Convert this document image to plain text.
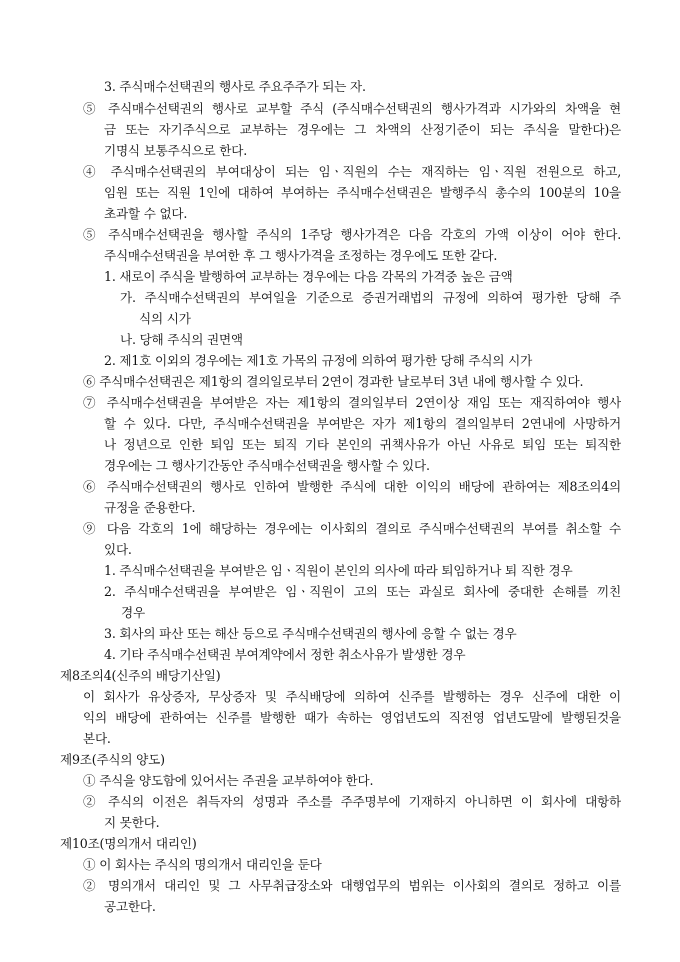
3. 주식매수선택권의 행사로 주요주주가 되는 자.
⑤ 주식매수선택권의 행사로 교부할 주식 (주식매수선택권의 행사가격과 시가와의 차액을 현
금 또는 자기주식으로 교부하는 경우에는 그 차액의 산정기준이 되는 주식을 말한다)은
기명식 보통주식으로 한다.
④ 주식매수선택권의 부여대상이 되는 임ㆍ직원의 수는 재직하는 임ㆍ직원 전원으로 하고,
임원 또는 직원 1인에 대하여 부여하는 주식매수선택권은 발행주식 총수의 100분의 10을
초과할 수 없다.
⑤ 주식매수선택권을 행사할 주식의 1주당 행사가격은 다음 각호의 가액 이상이 어야 한다.
주식매수선택권을 부여한 후 그 행사가격을 조정하는 경우에도 또한 같다.
1. 새로이 주식을 발행하여 교부하는 경우에는 다음 각목의 가격중 높은 금액
가. 주식매수선택권의 부여일을 기준으로 증권거래법의 규정에 의하여 평가한 당해 주
식의 시가
나. 당해 주식의 권면액
2. 제1호 이외의 경우에는 제1호 가목의 규정에 의하여 평가한 당해 주식의 시가
⑥ 주식매수선택권은 제1항의 결의일로부터 2연이 경과한 날로부터 3년 내에 행사할 수 있다.
⑦ 주식매수선택권을 부여받은 자는 제1항의 결의일부터 2연이상 재임 또는 재직하여야 행사
할 수 있다. 다만, 주식매수선택권을 부여받은 자가 제1항의 결의일부터 2연내에 사망하거
나 정년으로 인한 퇴임 또는 퇴직 기타 본인의 귀책사유가 아닌 사유로 퇴임 또는 퇴직한
경우에는 그 행사기간동안 주식매수선택권을 행사할 수 있다.
⑥ 주식매수선택권의 행사로 인하여 발행한 주식에 대한 이익의 배당에 관하여는 제8조의4의
규정을 준용한다.
⑨ 다음 각호의 1에 해당하는 경우에는 이사회의 결의로 주식매수선택권의 부여를 취소할 수
있다.
1. 주식매수선택권을 부여받은 임ㆍ직원이 본인의 의사에 따라 퇴임하거나 퇴 직한 경우
2. 주식매수선택권을 부여받은 임ㆍ직원이 고의 또는 과실로 회사에 중대한 손해를 끼친
경우
3. 회사의 파산 또는 해산 등으로 주식매수선택권의 행사에 응할 수 없는 경우
4. 기타 주식매수선택권 부여계약에서 정한 취소사유가 발생한 경우
제8조의4(신주의 배당기산일)
이 회사가 유상증자, 무상증자 및 주식배당에 의하여 신주를 발행하는 경우 신주에 대한 이
익의 배당에 관하여는 신주를 발행한 때가 속하는 영업년도의 직전영 업년도말에 발행된것을
본다.
제9조(주식의 양도)
① 주식을 양도함에 있어서는 주권을 교부하여야 한다.
② 주식의 이전은 취득자의 성명과 주소를 주주명부에 기재하지 아니하면 이 회사에 대항하
지 못한다.
제10조(명의개서 대리인)
① 이 회사는 주식의 명의개서 대리인을 둔다
② 명의개서 대리인 및 그 사무취급장소와 대행업무의 범위는 이사회의 결의로 정하고 이를
공고한다.
